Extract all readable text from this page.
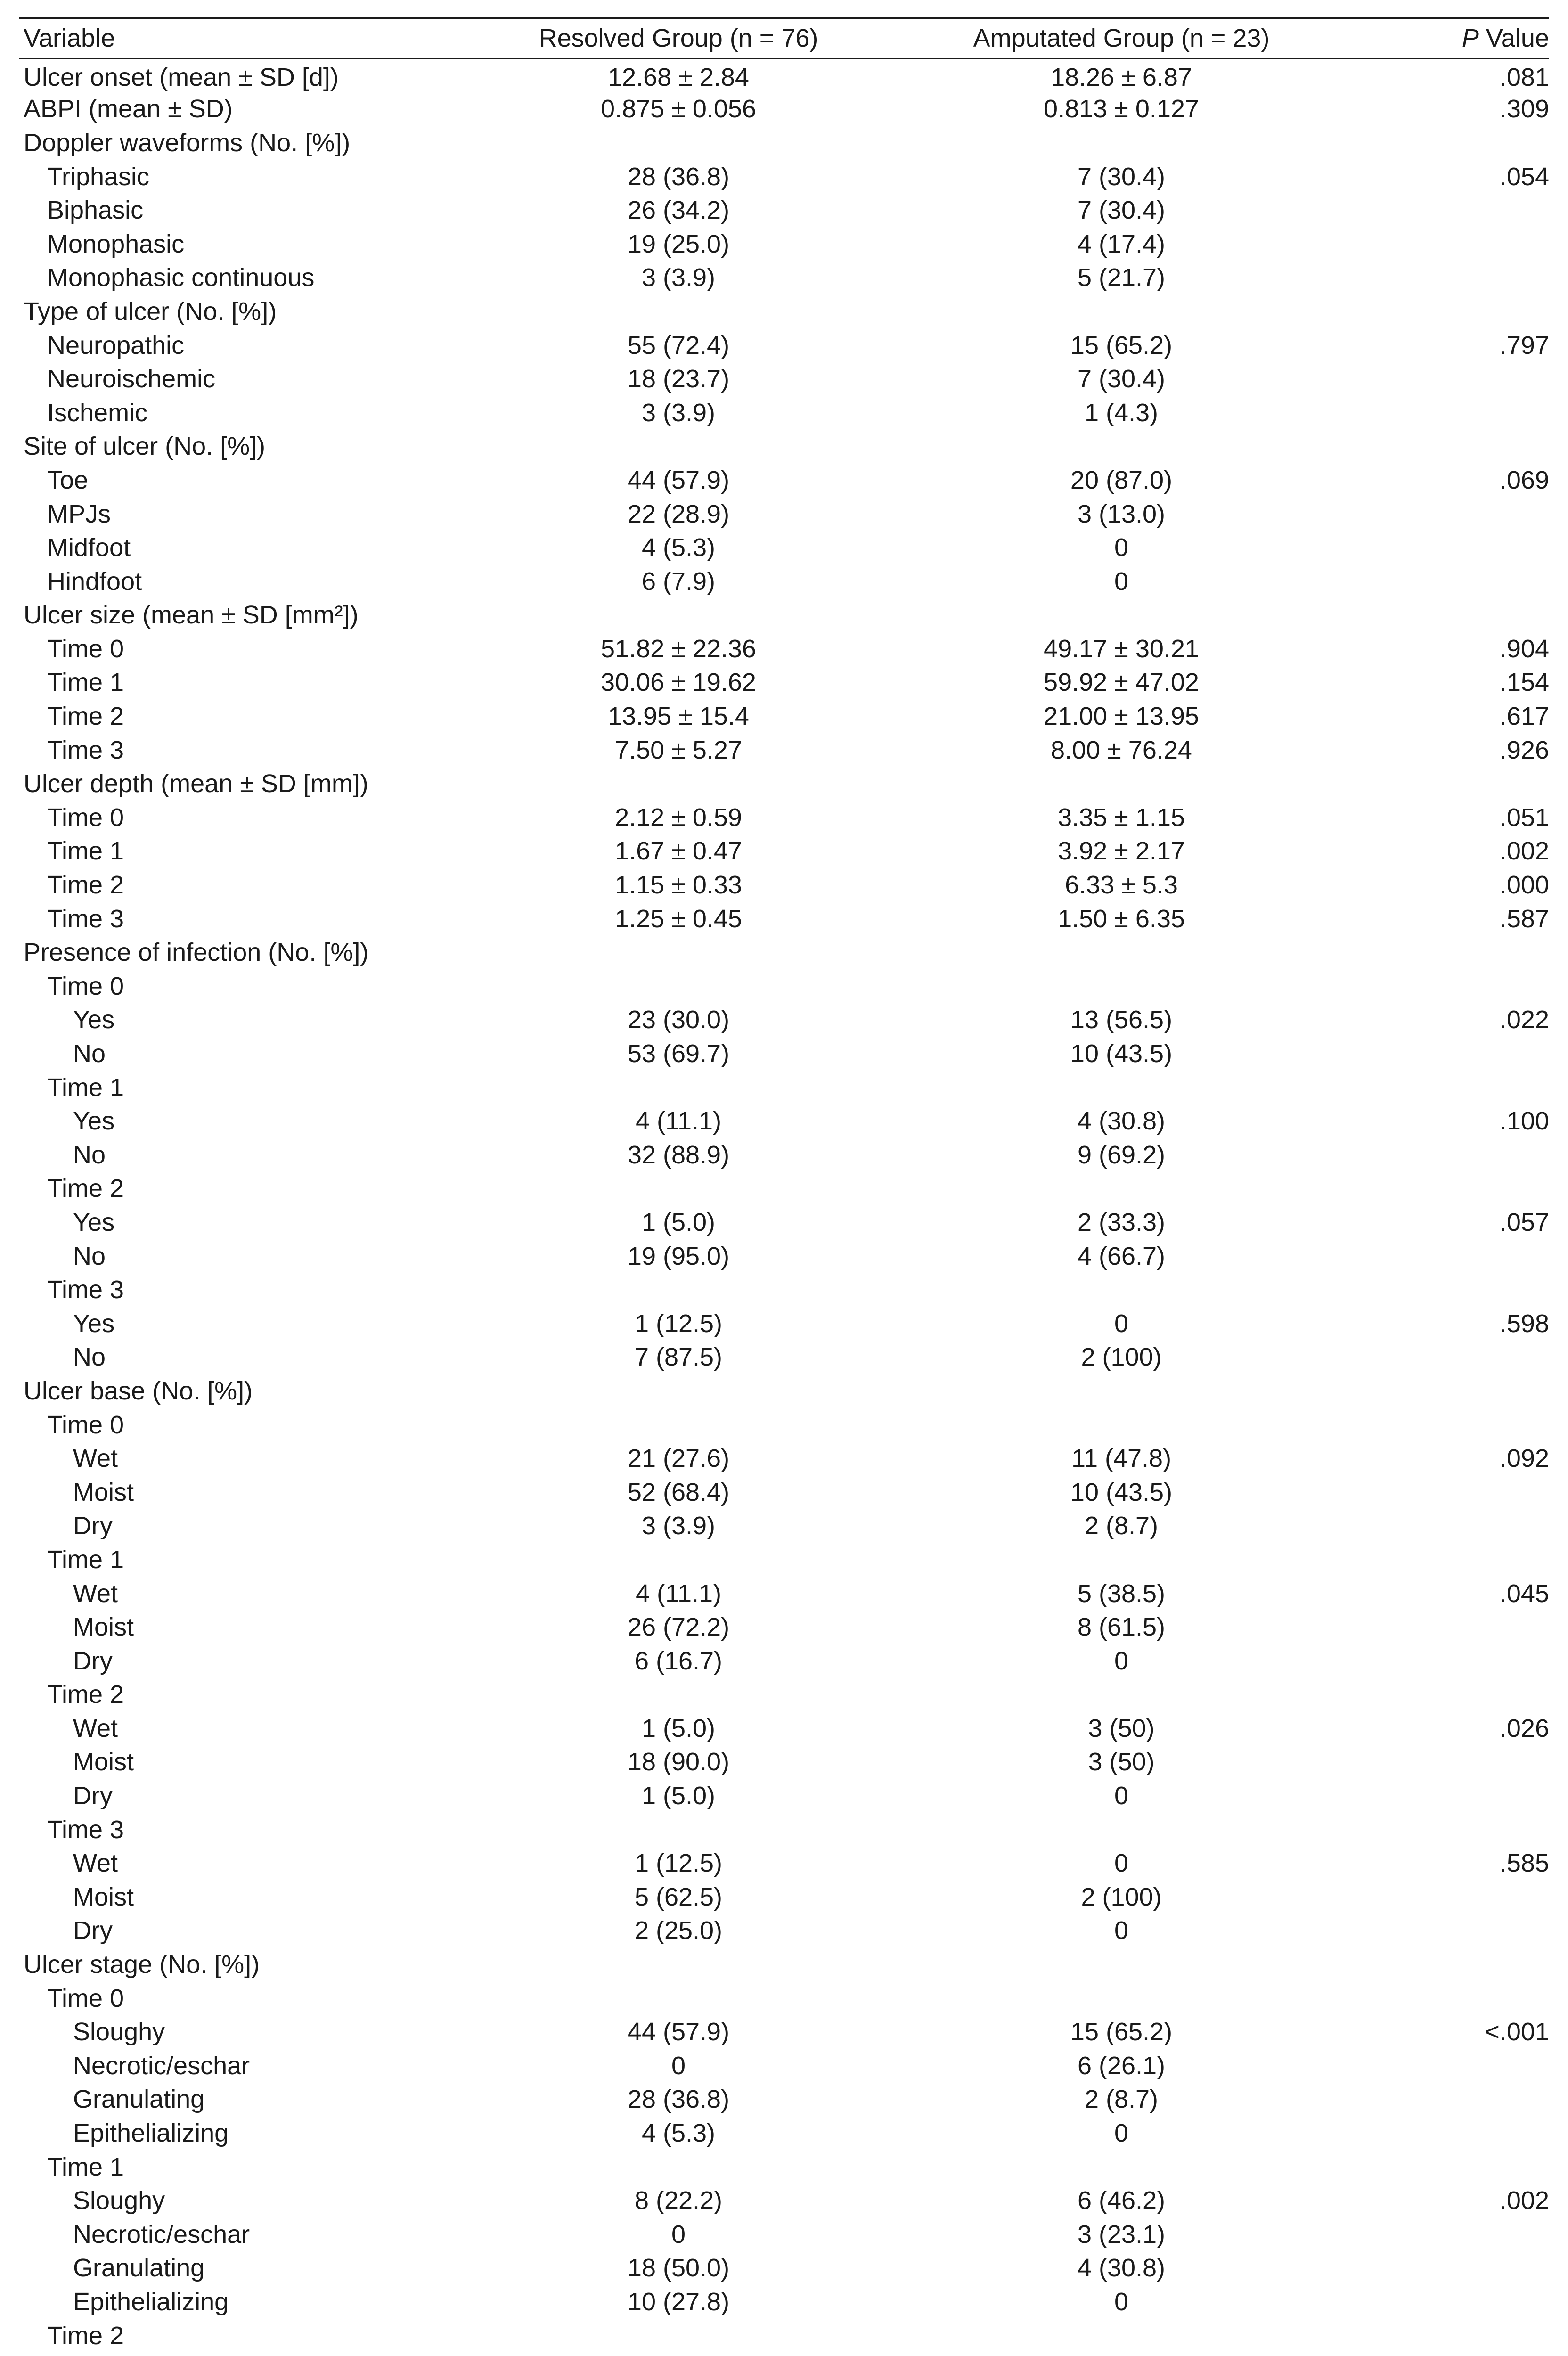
Variable	Resolved Group (n = 76)	Amputated Group (n = 23)	P Value
Ulcer onset (mean ± SD [d])	12.68 ± 2.84	18.26 ± 6.87	.081
ABPI (mean ± SD)	0.875 ± 0.056	0.813 ± 0.127	.309
Doppler waveforms (No. [%])			
Triphasic	28 (36.8)	7 (30.4)	.054
Biphasic	26 (34.2)	7 (30.4)	
Monophasic	19 (25.0)	4 (17.4)	
Monophasic continuous	3 (3.9)	5 (21.7)	
Type of ulcer (No. [%])			
Neuropathic	55 (72.4)	15 (65.2)	.797
Neuroischemic	18 (23.7)	7 (30.4)	
Ischemic	3 (3.9)	1 (4.3)	
Site of ulcer (No. [%])			
Toe	44 (57.9)	20 (87.0)	.069
MPJs	22 (28.9)	3 (13.0)	
Midfoot	4 (5.3)	0	
Hindfoot	6 (7.9)	0	
Ulcer size (mean ± SD [mm²])			
Time 0	51.82 ± 22.36	49.17 ± 30.21	.904
Time 1	30.06 ± 19.62	59.92 ± 47.02	.154
Time 2	13.95 ± 15.4	21.00 ± 13.95	.617
Time 3	7.50 ± 5.27	8.00 ± 76.24	.926
Ulcer depth (mean ± SD [mm])			
Time 0	2.12 ± 0.59	3.35 ± 1.15	.051
Time 1	1.67 ± 0.47	3.92 ± 2.17	.002
Time 2	1.15 ± 0.33	6.33 ± 5.3	.000
Time 3	1.25 ± 0.45	1.50 ± 6.35	.587
Presence of infection (No. [%])			
Time 0			
Yes	23 (30.0)	13 (56.5)	.022
No	53 (69.7)	10 (43.5)	
Time 1			
Yes	4 (11.1)	4 (30.8)	.100
No	32 (88.9)	9 (69.2)	
Time 2			
Yes	1 (5.0)	2 (33.3)	.057
No	19 (95.0)	4 (66.7)	
Time 3			
Yes	1 (12.5)	0	.598
No	7 (87.5)	2 (100)	
Ulcer base (No. [%])			
Time 0			
Wet	21 (27.6)	11 (47.8)	.092
Moist	52 (68.4)	10 (43.5)	
Dry	3 (3.9)	2 (8.7)	
Time 1			
Wet	4 (11.1)	5 (38.5)	.045
Moist	26 (72.2)	8 (61.5)	
Dry	6 (16.7)	0	
Time 2			
Wet	1 (5.0)	3 (50)	.026
Moist	18 (90.0)	3 (50)	
Dry	1 (5.0)	0	
Time 3			
Wet	1 (12.5)	0	.585
Moist	5 (62.5)	2 (100)	
Dry	2 (25.0)	0	
Ulcer stage (No. [%])			
Time 0			
Sloughy	44 (57.9)	15 (65.2)	<.001
Necrotic/eschar	0	6 (26.1)	
Granulating	28 (36.8)	2 (8.7)	
Epithelializing	4 (5.3)	0	
Time 1			
Sloughy	8 (22.2)	6 (46.2)	.002
Necrotic/eschar	0	3 (23.1)	
Granulating	18 (50.0)	4 (30.8)	
Epithelializing	10 (27.8)	0	
Time 2			
